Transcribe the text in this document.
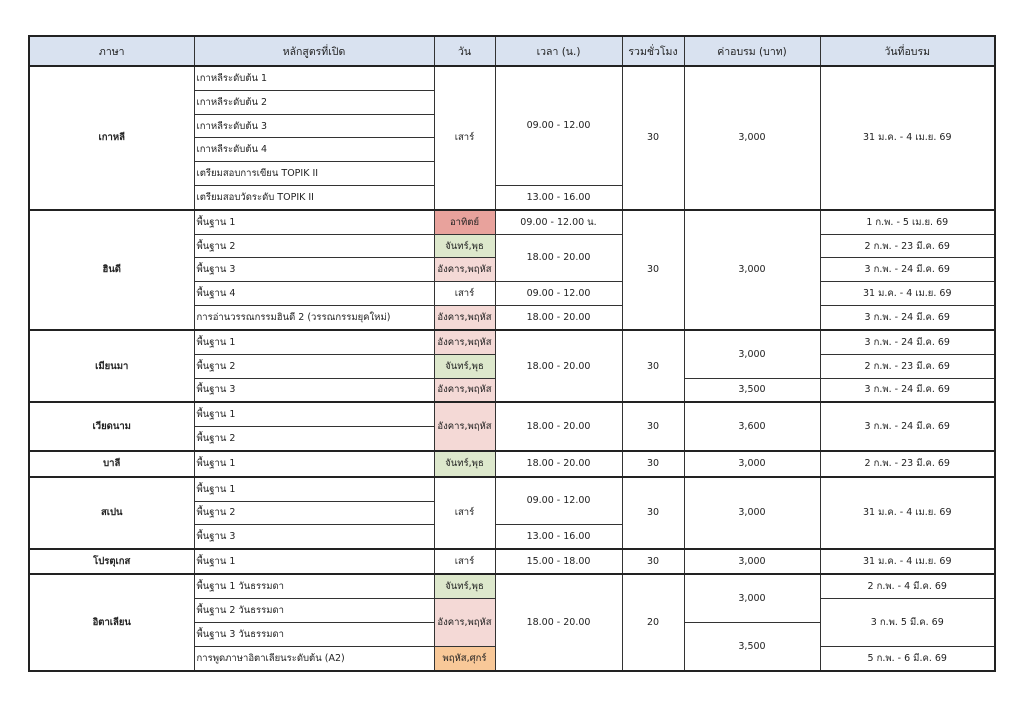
ภาษา	หลักสูตรที่เปิด	วัน	เวลา (น.)	รวมชั่วโมง	ค่าอบรม (บาท)	วันที่อบรม
เกาหลี	เกาหลีระดับต้น 1	เสาร์	09.00 - 12.00	30	3,000	31 ม.ค. - 4 เม.ย. 69
	เกาหลีระดับต้น 2					
	เกาหลีระดับต้น 3					
	เกาหลีระดับต้น 4					
	เตรียมสอบการเขียน TOPIK II					
	เตรียมสอบวัดระดับ TOPIK II		13.00 - 16.00			
ฮินดี	พื้นฐาน 1	อาทิตย์	09.00 - 12.00 น.	30	3,000	1 ก.พ. - 5 เม.ย. 69
	พื้นฐาน 2	จันทร์,พุธ	18.00 - 20.00			2 ก.พ. - 23 มี.ค. 69
	พื้นฐาน 3	อังคาร,พฤหัส				3 ก.พ. - 24 มี.ค. 69
	พื้นฐาน 4	เสาร์	09.00 - 12.00			31 ม.ค. - 4 เม.ย. 69
	การอ่านวรรณกรรมฮินดี 2 (วรรณกรรมยุคใหม่)	อังคาร,พฤหัส	18.00 - 20.00			3 ก.พ. - 24 มี.ค. 69
เมียนมา	พื้นฐาน 1	อังคาร,พฤหัส	18.00 - 20.00	30	3,000	3 ก.พ. - 24 มี.ค. 69
	พื้นฐาน 2	จันทร์,พุธ				2 ก.พ. - 23 มี.ค. 69
	พื้นฐาน 3	อังคาร,พฤหัส			3,500	3 ก.พ. - 24 มี.ค. 69
เวียดนาม	พื้นฐาน 1	อังคาร,พฤหัส	18.00 - 20.00	30	3,600	3 ก.พ. - 24 มี.ค. 69
	พื้นฐาน 2					
บาลี	พื้นฐาน 1	จันทร์,พุธ	18.00 - 20.00	30	3,000	2 ก.พ. - 23 มี.ค. 69
สเปน	พื้นฐาน 1	เสาร์	09.00 - 12.00	30	3,000	31 ม.ค. - 4 เม.ย. 69
	พื้นฐาน 2					
	พื้นฐาน 3		13.00 - 16.00			
โปรตุเกส	พื้นฐาน 1	เสาร์	15.00 - 18.00	30	3,000	31 ม.ค. - 4 เม.ย. 69
อิตาเลียน	พื้นฐาน 1 วันธรรมดา	จันทร์,พุธ	18.00 - 20.00	20	3,000	2 ก.พ. - 4 มี.ค. 69
	พื้นฐาน 2 วันธรรมดา	อังคาร,พฤหัส				3 ก.พ. 5 มี.ค. 69
	พื้นฐาน 3 วันธรรมดา				3,500	
	การพูดภาษาอิตาเลียนระดับต้น (A2)	พฤหัส,ศุกร์				5 ก.พ. - 6 มี.ค. 69
